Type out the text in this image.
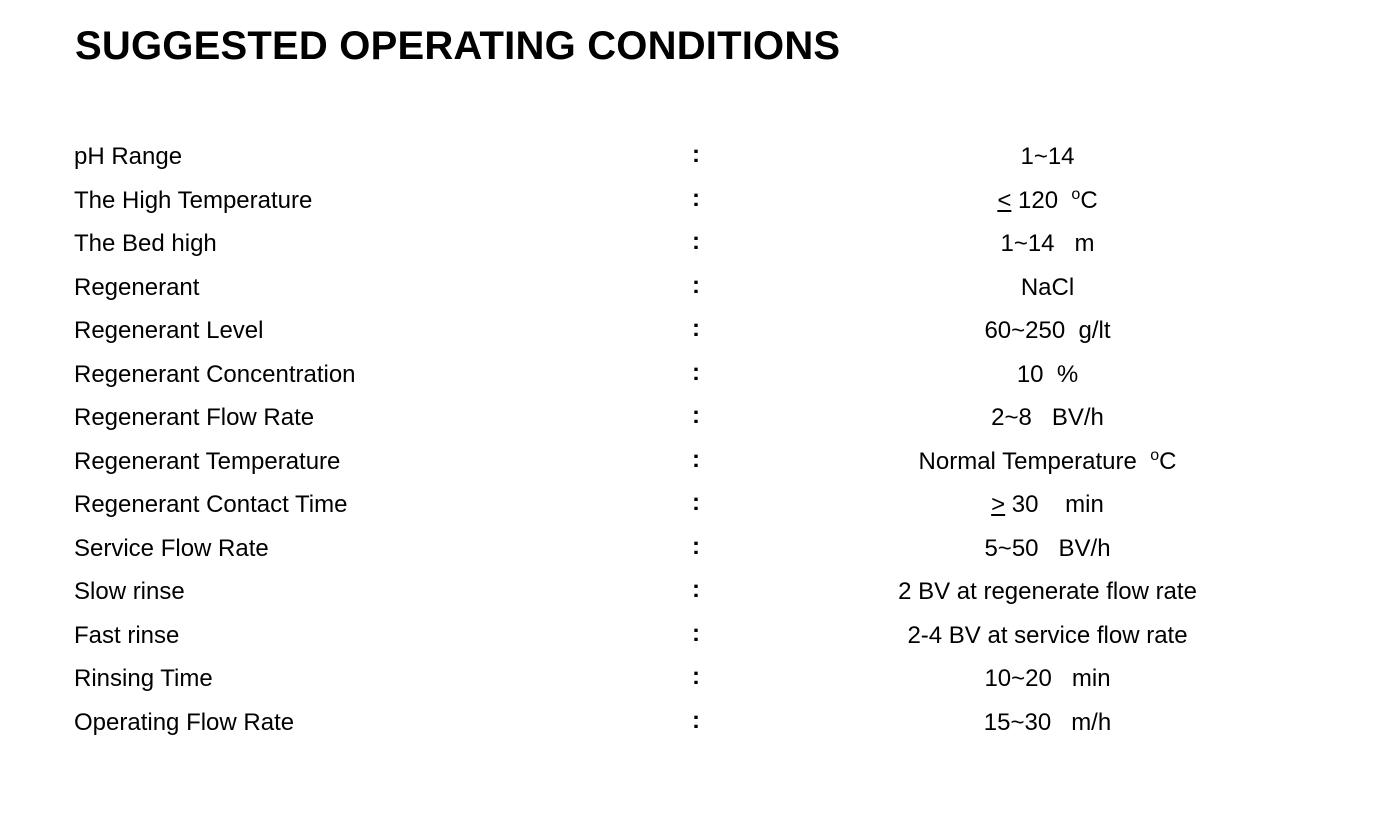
SUGGESTED OPERATING CONDITIONS
pH Range	:	1~14
The High Temperature	:	< 120  $^o$C
The Bed high	:	1~14   m
Regenerant	:	NaCl
Regenerant Level	:	60~250  g/lt
Regenerant Concentration	:	10  %
Regenerant Flow Rate	:	2~8   BV/h
Regenerant Temperature	:	Normal Temperature  $^o$C
Regenerant Contact Time	:	> 30    min
Service Flow Rate	:	5~50   BV/h
Slow rinse	:	2 BV at regenerate flow rate
Fast rinse	:	2-4 BV at service flow rate
Rinsing Time	:	10~20   min
Operating Flow Rate	:	15~30   m/h
